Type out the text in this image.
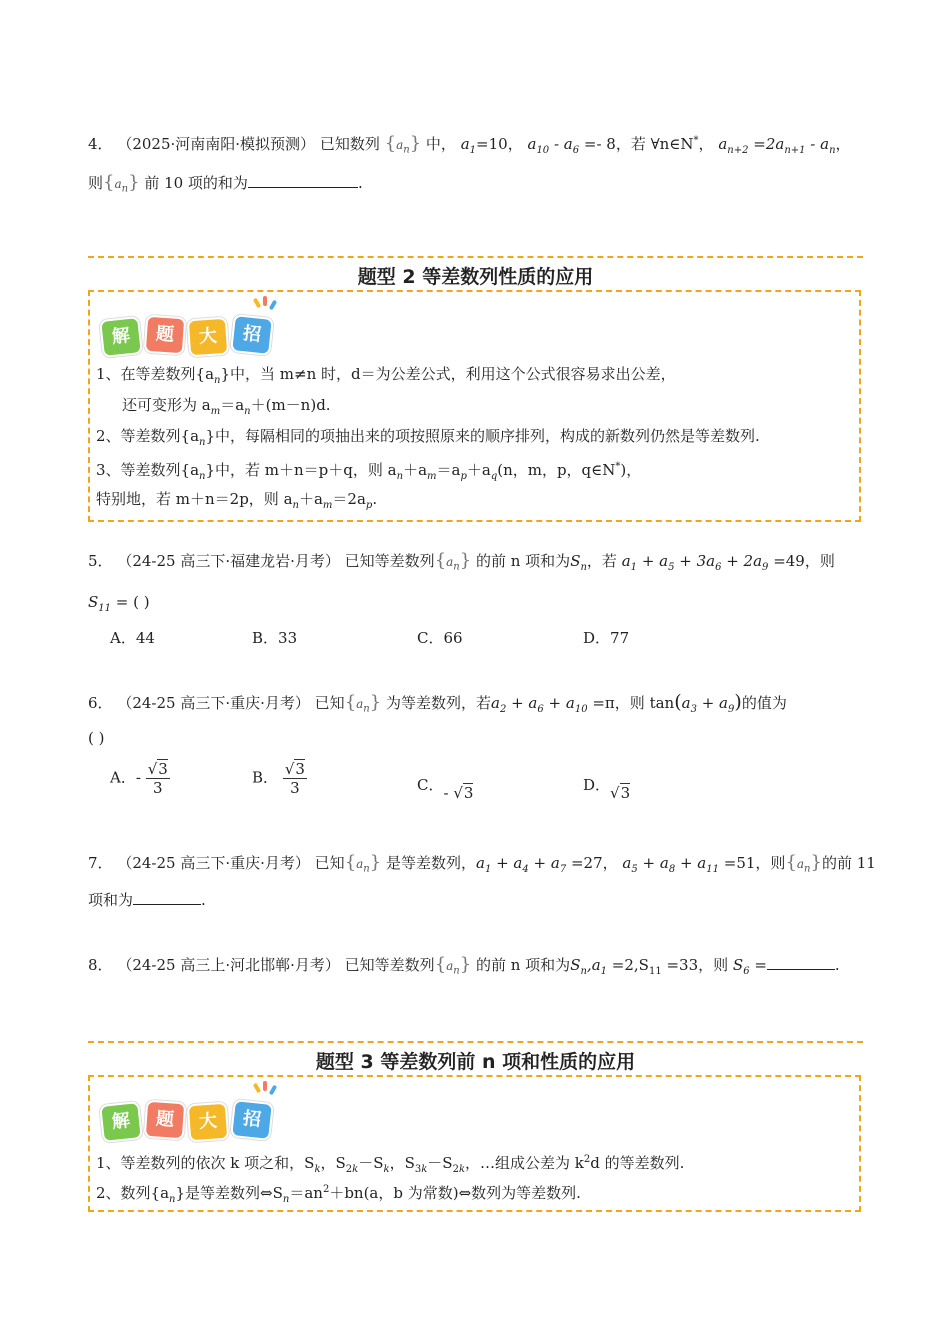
4． （2025·河南南阳·模拟预测） 已知数列 $\{a_n\}$ 中， $a_1=10$， $a_{10} - a_6 =- 8$，若 ∀n∈N*， $a_{n+2} =2a_{n+1} - a_n$，
则$\{a_n\}$ 前 10 项的和为	.
题型 2 等差数列性质的应用
解	题	大	招
1、在等差数列$\{a_n\}$中，当 m≠n 时，d＝为公差公式，利用这个公式很容易求出公差，
还可变形为 $a_m=a_n+(m-n)d$.
2、等差数列$\{a_n\}$中，每隔相同的项抽出来的项按照原来的顺序排列，构成的新数列仍然是等差数列.
3、等差数列$\{a_n\}$中，若 m＋n＝p＋q，则 $a_n+a_m=a_p+a_q(n$，m，p，q∈N*)，
特别地，若 m＋n＝2p，则 $a_n+a_m=2a_p$.
5． （24-25 高三下·福建龙岩·月考） 已知等差数列$\{a_n\}$ 的前 n 项和为$S_n$，若 $a_1 + a_5 + 3a_6 + 2a_9 =49$，则
$S_{11}$ = ( )
A．44	B．33	C．66	D．77
6． （24-25 高三下·重庆·月考） 已知$\{a_n\}$ 为等差数列，若$a_2 + a_6 + a_{10} =\pi$，则 $\tan(a_3 + a_9)$的值为
( )
A．- $\frac{√3}{3}$	B． $\frac{√3}{3}$	C．- √3	D．√3
7． （24-25 高三下·重庆·月考） 已知$\{a_n\}$ 是等差数列，$a_1 + a_4 + a_7 =27$， $a_5 + a_8 + a_{11} =51$，则$\{a_n\}$的前 11
项和为	.
8． （24-25 高三上·河北邯郸·月考） 已知等差数列$\{a_n\}$ 的前 n 项和为$S_n,a_1 =2,S_{11} =33$，则 $S_6$ =	.
题型 3 等差数列前 n 项和性质的应用
解	题	大	招
1、等差数列的依次 k 项之和，$S_k$，$S_{2k}-S_k$，$S_{3k}-S_{2k}$，…组成公差为 $k^2d$ 的等差数列.
2、数列$\{a_n\}$是等差数列$\Leftrightarrow S_n=an^2+bn(a$，b 为常数)⇔数列为等差数列.
